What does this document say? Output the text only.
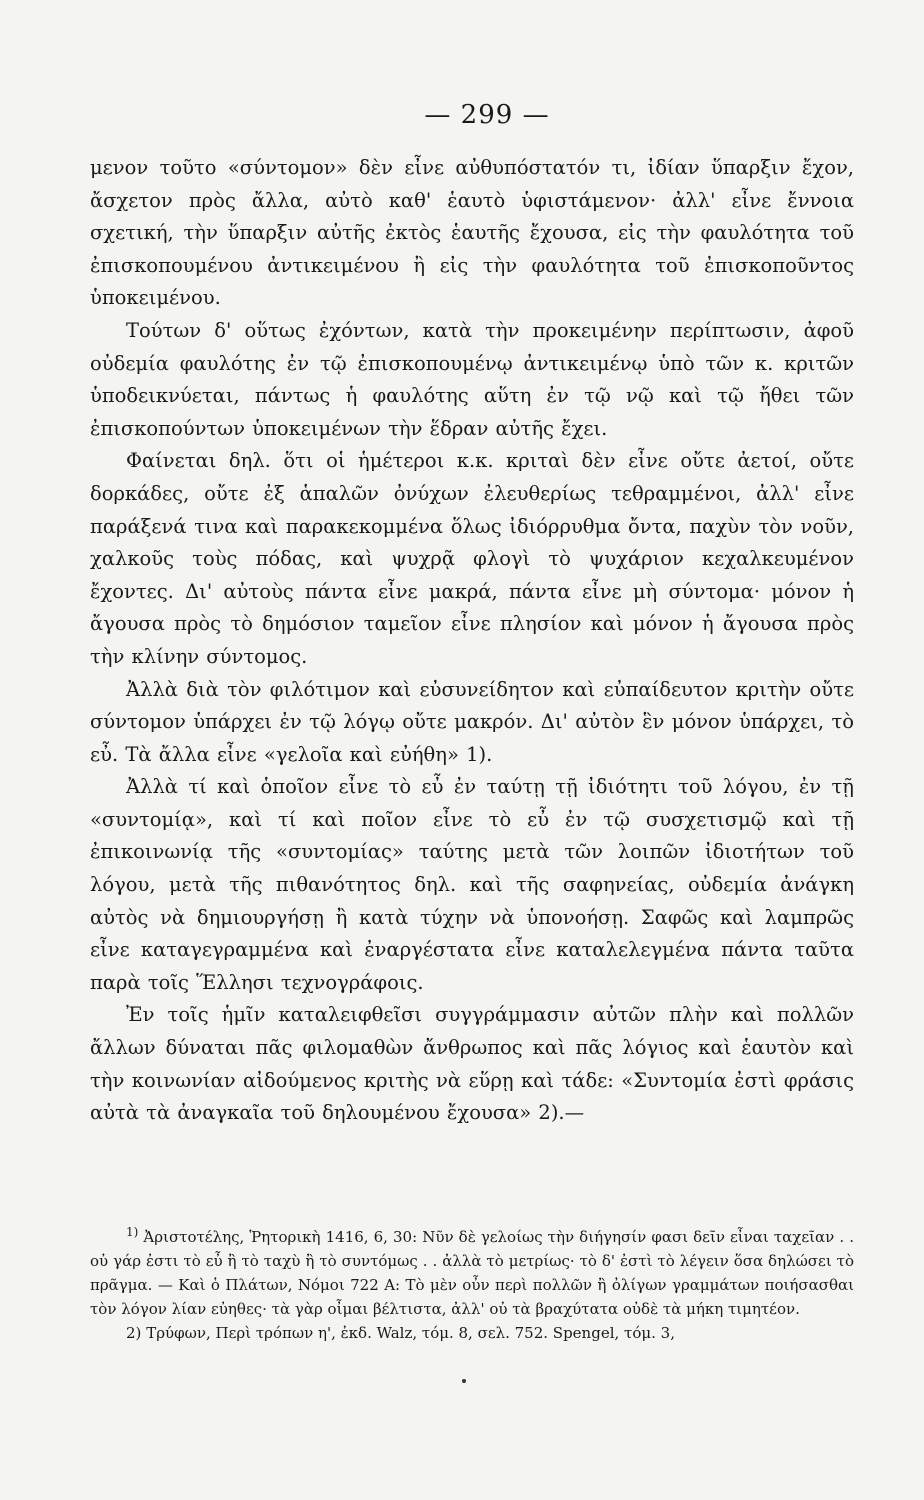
— 299 —

μενον τοῦτο «σύντομον» δὲν εἶνε αὐθυπόστατόν τι, ἰδίαν ὕπαρξιν ἔχον, ἄσχετον πρὸς ἄλλα, αὐτὸ καθ' ἑαυτὸ ὑφιστάμενον· ἀλλ' εἶνε ἔννοια σχετική, τὴν ὕπαρξιν αὐτῆς ἐκτὸς ἑαυτῆς ἔχουσα, εἰς τὴν φαυλότητα τοῦ ἐπισκοπουμένου ἀντικειμένου ἢ εἰς τὴν φαυλότητα τοῦ ἐπισκοποῦντος ὑποκειμένου.

Τούτων δ' οὕτως ἐχόντων, κατὰ τὴν προκειμένην περίπτωσιν, ἀφοῦ οὐδεμία φαυλότης ἐν τῷ ἐπισκοπουμένῳ ἀντικειμένῳ ὑπὸ τῶν κ. κριτῶν ὑποδεικνύεται, πάντως ἡ φαυλότης αὕτη ἐν τῷ νῷ καὶ τῷ ἤθει τῶν ἐπισκοπούντων ὑποκειμένων τὴν ἕδραν αὐτῆς ἔχει.

Φαίνεται δηλ. ὅτι οἱ ἡμέτεροι κ.κ. κριταὶ δὲν εἶνε οὔτε ἀετοί, οὔτε δορκάδες, οὔτε ἐξ ἁπαλῶν ὀνύχων ἐλευθερίως τεθραμμένοι, ἀλλ' εἶνε παράξενά τινα καὶ παρακεκομμένα ὅλως ἰδιόρρυθμα ὄντα, παχὺν τὸν νοῦν, χαλκοῦς τοὺς πόδας, καὶ ψυχρᾷ φλογὶ τὸ ψυχάριον κεχαλκευμένον ἔχοντες. Δι' αὐτοὺς πάντα εἶνε μακρά, πάντα εἶνε μὴ σύντομα· μόνον ἡ ἄγουσα πρὸς τὸ δημόσιον ταμεῖον εἶνε πλησίον καὶ μόνον ἡ ἄγουσα πρὸς τὴν κλίνην σύντομος.

Ἀλλὰ διὰ τὸν φιλότιμον καὶ εὐσυνείδητον καὶ εὐπαίδευτον κριτὴν οὔτε σύντομον ὑπάρχει ἐν τῷ λόγῳ οὔτε μακρόν. Δι' αὐτὸν ἓν μόνον ὑπάρχει, τὸ εὖ. Τὰ ἄλλα εἶνε «γελοῖα καὶ εὐήθη» 1).

Ἀλλὰ τί καὶ ὁποῖον εἶνε τὸ εὖ ἐν ταύτῃ τῇ ἰδιότητι τοῦ λόγου, ἐν τῇ «συντομίᾳ», καὶ τί καὶ ποῖον εἶνε τὸ εὖ ἐν τῷ συσχετισμῷ καὶ τῇ ἐπικοινωνίᾳ τῆς «συντομίας» ταύτης μετὰ τῶν λοιπῶν ἰδιοτήτων τοῦ λόγου, μετὰ τῆς πιθανότητος δηλ. καὶ τῆς σαφηνείας, οὐδεμία ἀνάγκη αὐτὸς νὰ δημιουργήσῃ ἢ κατὰ τύχην νὰ ὑπονοήσῃ. Σαφῶς καὶ λαμπρῶς εἶνε καταγεγραμμένα καὶ ἐναργέστατα εἶνε καταλελεγμένα πάντα ταῦτα παρὰ τοῖς Ἕλλησι τεχνογράφοις.

Ἐν τοῖς ἡμῖν καταλειφθεῖσι συγγράμμασιν αὐτῶν πλὴν καὶ πολλῶν ἄλλων δύναται πᾶς φιλομαθὼν ἄνθρωπος καὶ πᾶς λόγιος καὶ ἑαυτὸν καὶ τὴν κοινωνίαν αἰδούμενος κριτὴς νὰ εὕρῃ καὶ τάδε: «Συντομία ἐστὶ φράσις αὐτὰ τὰ ἀναγκαῖα τοῦ δηλουμένου ἔχουσα» 2).—

$^{1)}$ Ἀριστοτέλης, Ῥητορικὴ 1416, 6, 30: Νῦν δὲ γελοίως τὴν διήγησίν φασι δεῖν εἶναι ταχεῖαν . . οὐ γάρ ἐστι τὸ εὖ ἢ τὸ ταχὺ ἢ τὸ συντόμως . . ἀλλὰ τὸ μετρίως· τὸ δ' ἐστὶ τὸ λέγειν ὅσα δηλώσει τὸ πρᾶγμα. — Καὶ ὁ Πλάτων, Νόμοι 722 A: Τὸ μὲν οὖν περὶ πολλῶν ἢ ὀλίγων γραμμάτων ποιήσασθαι τὸν λόγον λίαν εὐηθες· τὰ γὰρ οἶμαι βέλτιστα, ἀλλ' οὐ τὰ βραχύτατα οὐδὲ τὰ μήκη τιμητέον.

2) Τρύφων, Περὶ τρόπων η', ἐκδ. Walz, τόμ. 8, σελ. 752. Spengel, τόμ. 3,
